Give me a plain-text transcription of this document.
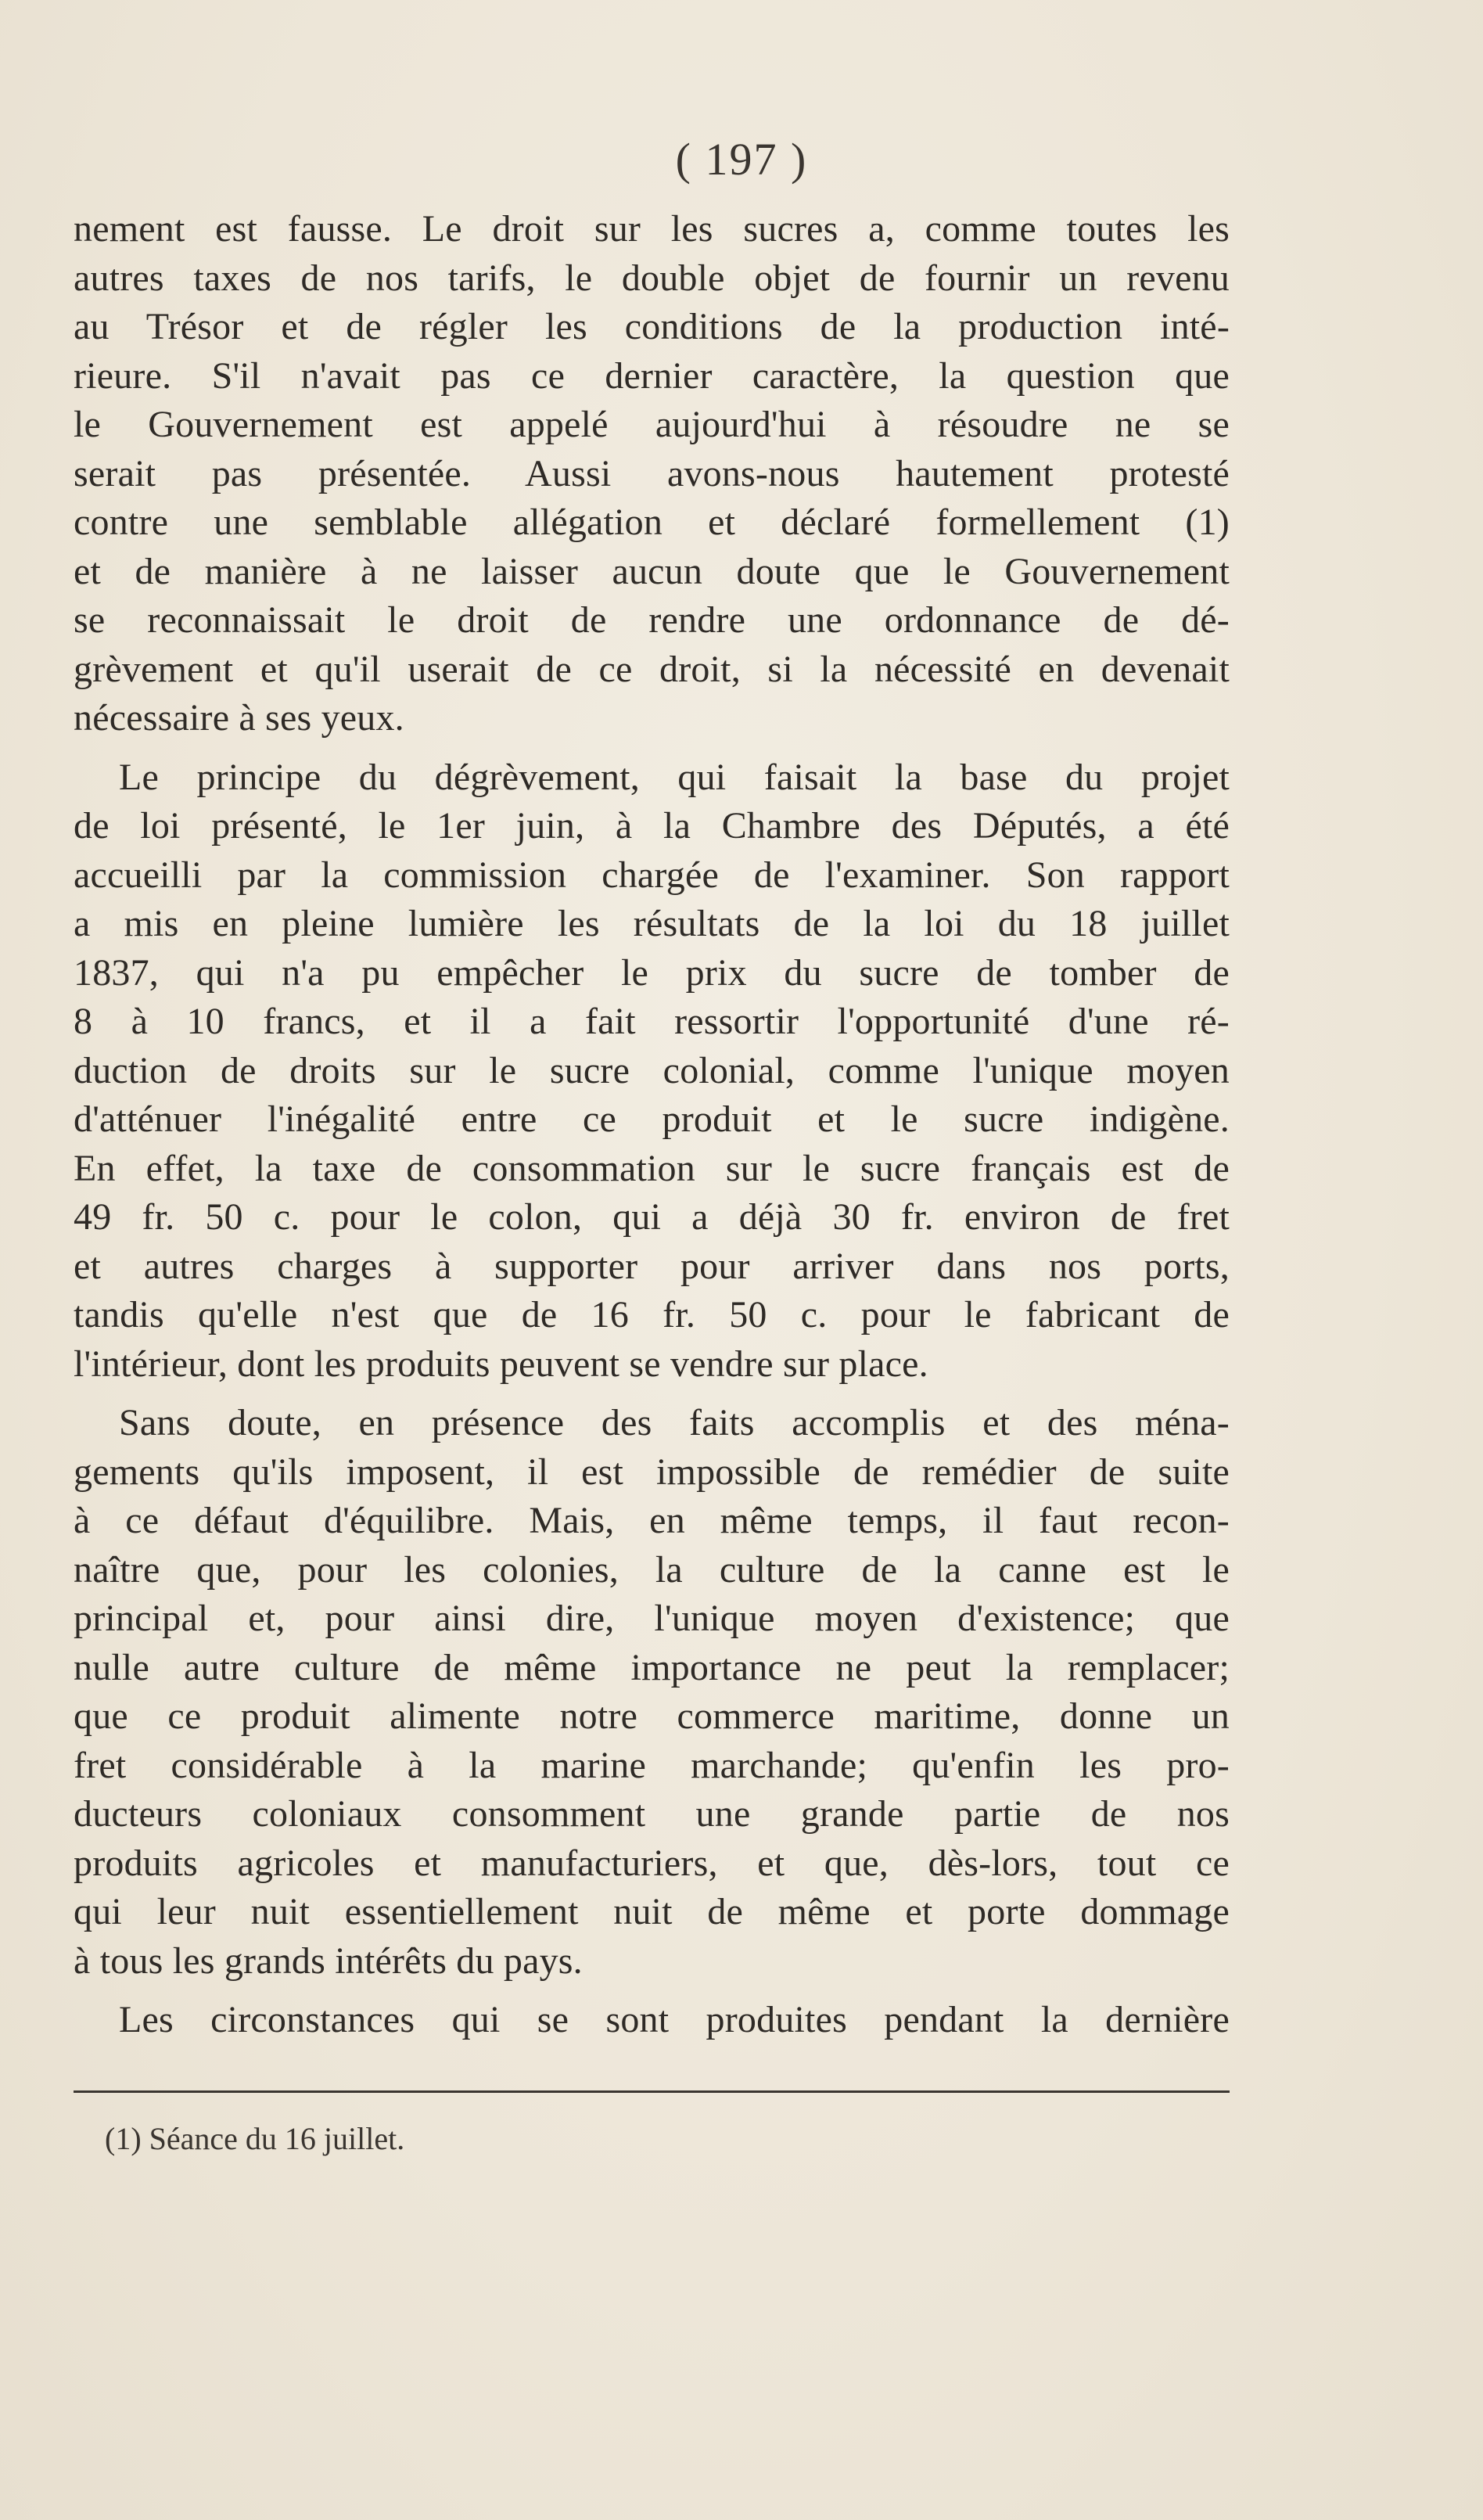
( 197 )
nement est fausse. Le droit sur les sucres a, comme toutes les
autres taxes de nos tarifs, le double objet de fournir un revenu
au Trésor et de régler les conditions de la production inté-
rieure. S'il n'avait pas ce dernier caractère, la question que
le Gouvernement est appelé aujourd'hui à résoudre ne se
serait pas présentée. Aussi avons-nous hautement protesté
contre une semblable allégation et déclaré formellement (1)
et de manière à ne laisser aucun doute que le Gouvernement
se reconnaissait le droit de rendre une ordonnance de dé-
grèvement et qu'il userait de ce droit, si la nécessité en devenait
nécessaire à ses yeux.
Le principe du dégrèvement, qui faisait la base du projet
de loi présenté, le 1er juin, à la Chambre des Députés, a été
accueilli par la commission chargée de l'examiner. Son rapport
a mis en pleine lumière les résultats de la loi du 18 juillet
1837, qui n'a pu empêcher le prix du sucre de tomber de
8 à 10 francs, et il a fait ressortir l'opportunité d'une ré-
duction de droits sur le sucre colonial, comme l'unique moyen
d'atténuer l'inégalité entre ce produit et le sucre indigène.
En effet, la taxe de consommation sur le sucre français est de
49 fr. 50 c. pour le colon, qui a déjà 30 fr. environ de fret
et autres charges à supporter pour arriver dans nos ports,
tandis qu'elle n'est que de 16 fr. 50 c. pour le fabricant de
l'intérieur, dont les produits peuvent se vendre sur place.
Sans doute, en présence des faits accomplis et des ména-
gements qu'ils imposent, il est impossible de remédier de suite
à ce défaut d'équilibre. Mais, en même temps, il faut recon-
naître que, pour les colonies, la culture de la canne est le
principal et, pour ainsi dire, l'unique moyen d'existence; que
nulle autre culture de même importance ne peut la remplacer;
que ce produit alimente notre commerce maritime, donne un
fret considérable à la marine marchande; qu'enfin les pro-
ducteurs coloniaux consomment une grande partie de nos
produits agricoles et manufacturiers, et que, dès-lors, tout ce
qui leur nuit essentiellement nuit de même et porte dommage
à tous les grands intérêts du pays.
Les circonstances qui se sont produites pendant la dernière
(1) Séance du 16 juillet.
